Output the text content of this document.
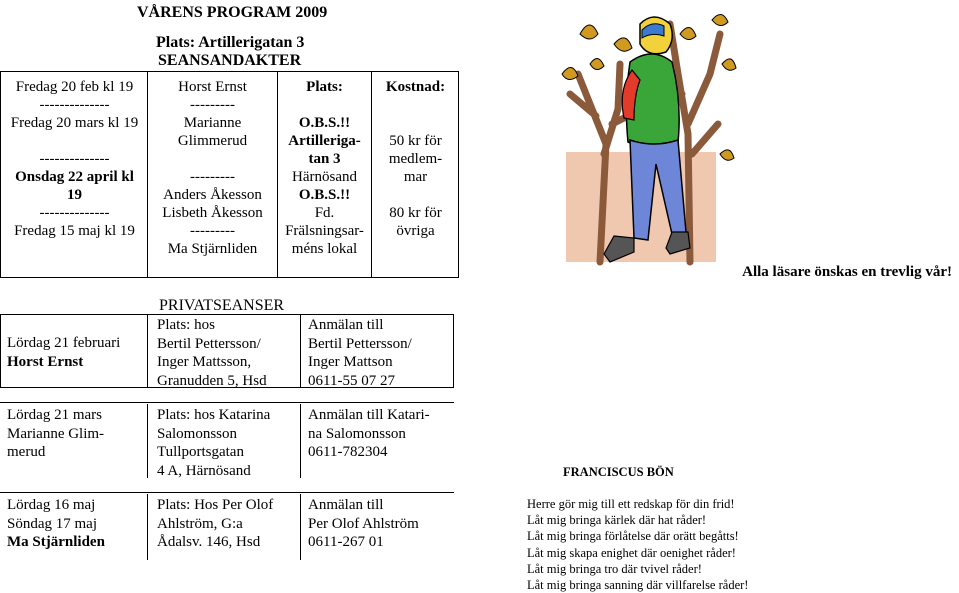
VÅRENS PROGRAM 2009
Plats: Artillerigatan 3
SEANSANDAKTER
Fredag 20 feb kl 19
--------------
Fredag 20 mars kl 19

--------------
Onsdag 22 april kl
19
--------------
Fredag 15 maj kl 19
Horst Ernst
---------
Marianne
Glimmerud

---------
Anders Åkesson
Lisbeth Åkesson
---------
Ma Stjärnliden
Plats:
O.B.S.!!
Artilleriga-
tan 3
Härnösand
O.B.S.!!
Fd.
Frälsningsar-
méns lokal
Kostnad:
50 kr för
medlem-
mar

80 kr för
övriga
Alla läsare önskas en trevlig vår!
PRIVATSEANSER
Lördag 21 februari
Horst Ernst
Plats: hos
Bertil Pettersson/
Inger Mattsson,
Granudden 5, Hsd
Anmälan till
Bertil Pettersson/
Inger Mattson
0611-55 07 27
Lördag 21 mars
Marianne Glim-
merud
Plats: hos Katarina
Salomonsson
Tullportsgatan
4 A, Härnösand
Anmälan till Katari-
na Salomonsson
0611-782304
Lördag 16 maj
Söndag 17 maj
Ma Stjärnliden
Plats: Hos Per Olof
Ahlström, G:a
Ådalsv. 146, Hsd
Anmälan till
Per Olof Ahlström
0611-267 01
FRANCISCUS BÖN
Herre gör mig till ett redskap för din frid!
Låt mig bringa kärlek där hat råder!
Låt mig bringa förlåtelse där orätt begåtts!
Låt mig skapa enighet där oenighet råder!
Låt mig bringa tro där tvivel råder!
Låt mig bringa sanning där villfarelse råder!
